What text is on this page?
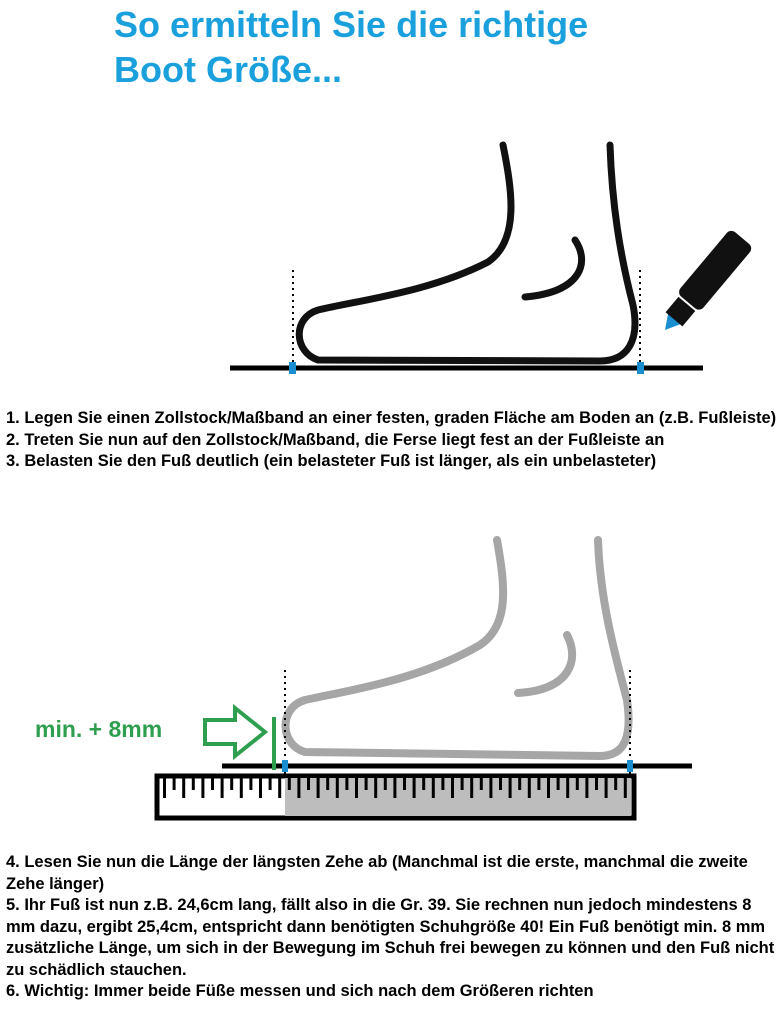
So ermitteln Sie die richtige
Boot Größe...

1. Legen Sie einen Zollstock/Maßband an einer festen, graden Fläche am Boden an (z.B. Fußleiste)

2. Treten Sie nun auf den Zollstock/Maßband, die Ferse liegt fest an der Fußleiste an

3. Belasten Sie den Fuß deutlich (ein belasteter Fuß ist länger, als ein unbelasteter)

min. + 8mm

4. Lesen Sie nun die Länge der längsten Zehe ab (Manchmal ist die erste, manchmal die zweite Zehe länger)

5. Ihr Fuß ist nun z.B. 24,6cm lang, fällt also in die Gr. 39. Sie rechnen nun jedoch mindestens 8 mm dazu, ergibt 25,4cm, entspricht dann benötigten Schuhgröße 40! Ein Fuß benötigt min. 8 mm zusätzliche Länge, um sich in der Bewegung im Schuh frei bewegen zu können und den Fuß nicht zu schädlich stauchen.

6. Wichtig: Immer beide Füße messen und sich nach dem Größeren richten
